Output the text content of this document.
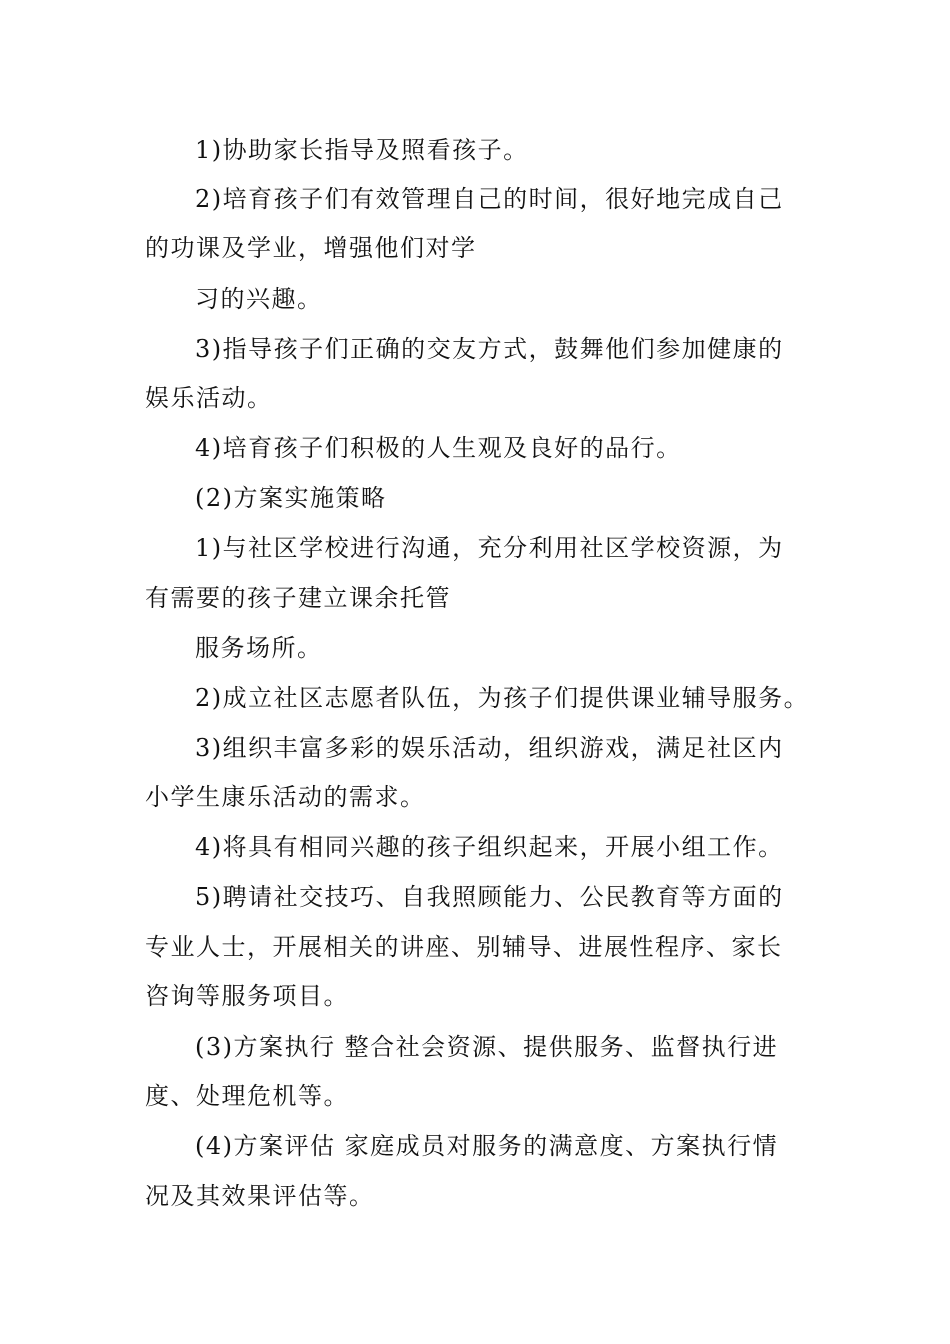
1)协助家长指导及照看孩子。
2)培育孩子们有效管理自己的时间，很好地完成自己
的功课及学业，增强他们对学
习的兴趣。
3)指导孩子们正确的交友方式，鼓舞他们参加健康的
娱乐活动。
4)培育孩子们积极的人生观及良好的品行。
(2)方案实施策略
1)与社区学校进行沟通，充分利用社区学校资源，为
有需要的孩子建立课余托管
服务场所。
2)成立社区志愿者队伍，为孩子们提供课业辅导服务。
3)组织丰富多彩的娱乐活动，组织游戏，满足社区内
小学生康乐活动的需求。
4)将具有相同兴趣的孩子组织起来，开展小组工作。
5)聘请社交技巧、自我照顾能力、公民教育等方面的
专业人士，开展相关的讲座、别辅导、进展性程序、家长
咨询等服务项目。
(3)方案执行 整合社会资源、提供服务、监督执行进
度、处理危机等。
(4)方案评估 家庭成员对服务的满意度、方案执行情
况及其效果评估等。
